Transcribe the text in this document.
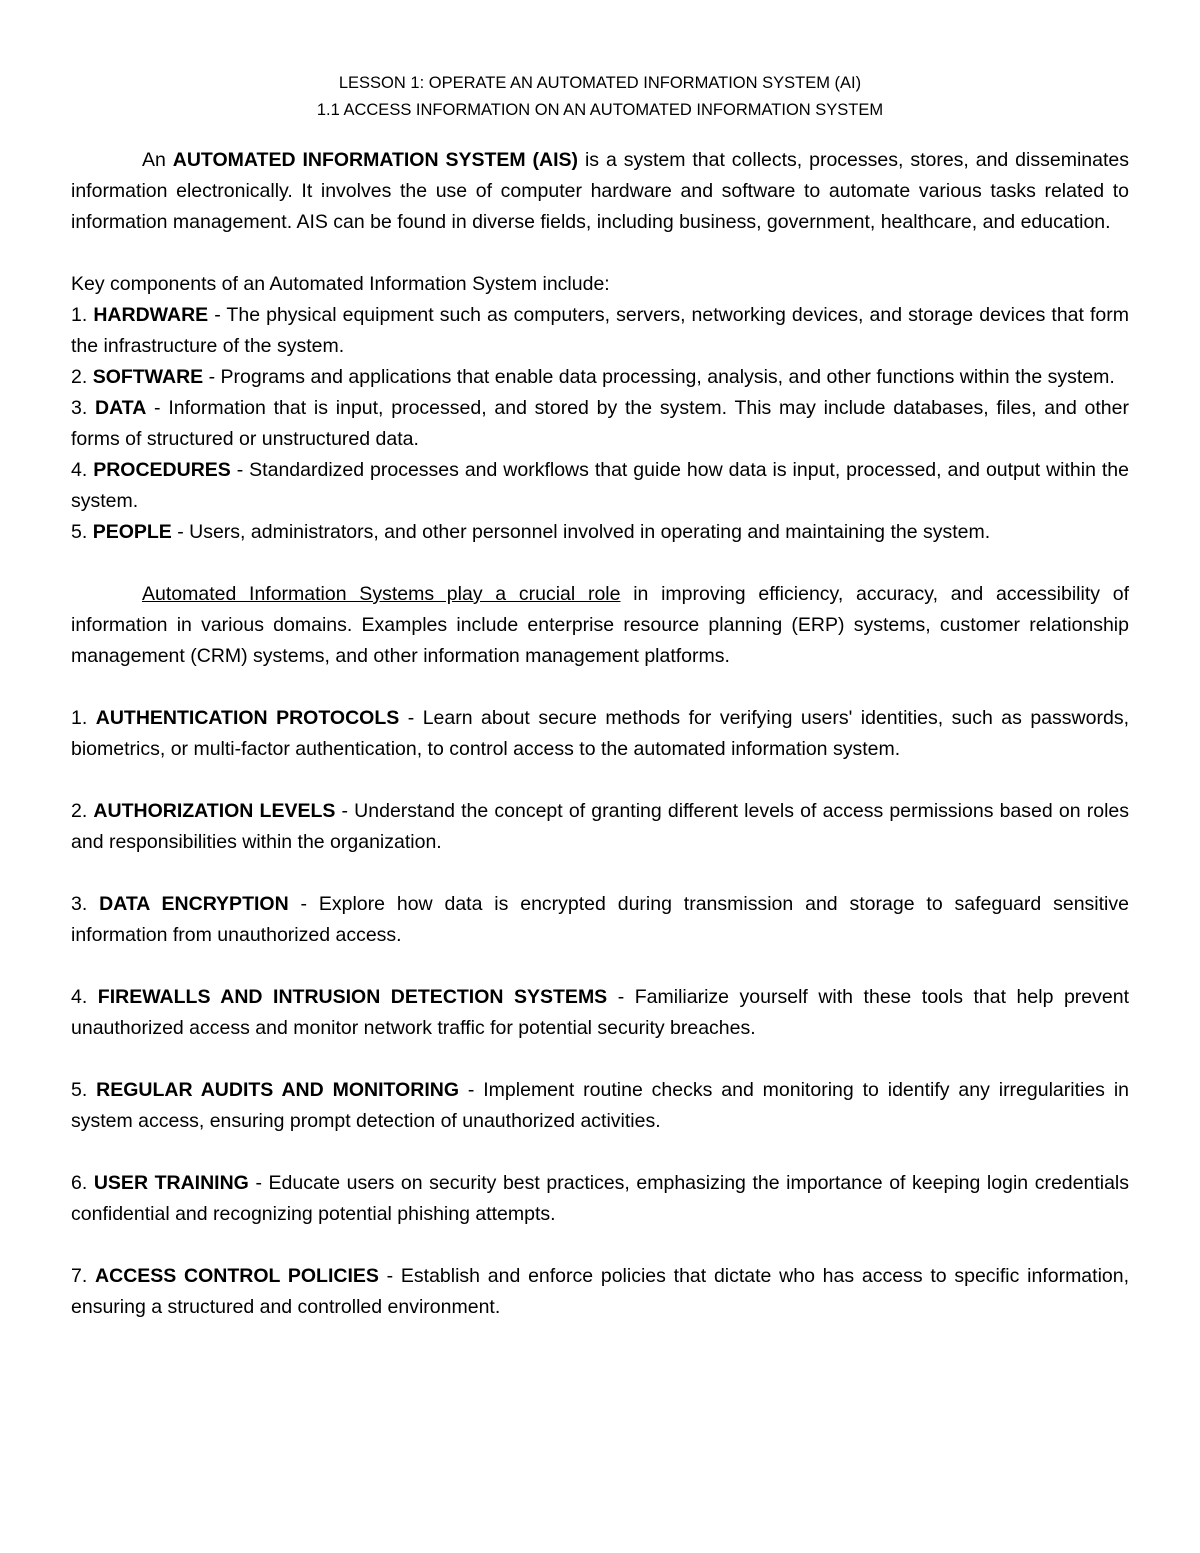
LESSON 1: OPERATE AN AUTOMATED INFORMATION SYSTEM (AI)

1.1 ACCESS INFORMATION ON AN AUTOMATED INFORMATION SYSTEM

An AUTOMATED INFORMATION SYSTEM (AIS) is a system that collects, processes, stores, and disseminates information electronically. It involves the use of computer hardware and software to automate various tasks related to information management. AIS can be found in diverse fields, including business, government, healthcare, and education.

Key components of an Automated Information System include:

1. HARDWARE - The physical equipment such as computers, servers, networking devices, and storage devices that form the infrastructure of the system.

2. SOFTWARE - Programs and applications that enable data processing, analysis, and other functions within the system.

3. DATA - Information that is input, processed, and stored by the system. This may include databases, files, and other forms of structured or unstructured data.

4. PROCEDURES - Standardized processes and workflows that guide how data is input, processed, and output within the system.

5. PEOPLE - Users, administrators, and other personnel involved in operating and maintaining the system.

Automated Information Systems play a crucial role in improving efficiency, accuracy, and accessibility of information in various domains. Examples include enterprise resource planning (ERP) systems, customer relationship management (CRM) systems, and other information management platforms.

1. AUTHENTICATION PROTOCOLS - Learn about secure methods for verifying users' identities, such as passwords, biometrics, or multi-factor authentication, to control access to the automated information system.

2. AUTHORIZATION LEVELS - Understand the concept of granting different levels of access permissions based on roles and responsibilities within the organization.

3. DATA ENCRYPTION - Explore how data is encrypted during transmission and storage to safeguard sensitive information from unauthorized access.

4. FIREWALLS AND INTRUSION DETECTION SYSTEMS - Familiarize yourself with these tools that help prevent unauthorized access and monitor network traffic for potential security breaches.

5. REGULAR AUDITS AND MONITORING - Implement routine checks and monitoring to identify any irregularities in system access, ensuring prompt detection of unauthorized activities.

6. USER TRAINING - Educate users on security best practices, emphasizing the importance of keeping login credentials confidential and recognizing potential phishing attempts.

7. ACCESS CONTROL POLICIES - Establish and enforce policies that dictate who has access to specific information, ensuring a structured and controlled environment.
